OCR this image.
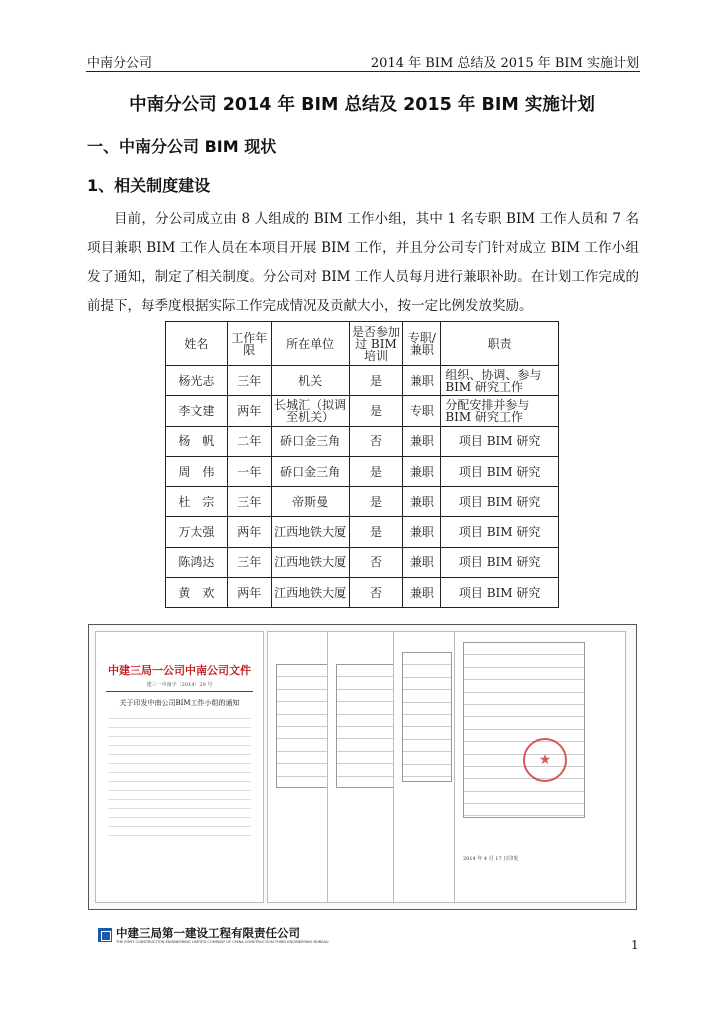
中南分公司	2014 年 BIM 总结及 2015 年 BIM 实施计划
中南分公司 2014 年 BIM 总结及 2015 年 BIM 实施计划
一、中南分公司 BIM 现状
1、相关制度建设
目前，分公司成立由 8 人组成的 BIM 工作小组，其中 1 名专职 BIM 工作人员和 7 名项目兼职 BIM 工作人员在本项目开展 BIM 工作，并且分公司专门针对成立 BIM 工作小组发了通知，制定了相关制度。分公司对 BIM 工作人员每月进行兼职补助。在计划工作完成的前提下，每季度根据实际工作完成情况及贡献大小，按一定比例发放奖励。
姓名	工作年限	所在单位	是否参加过 BIM 培训	专职/兼职	职责
杨光志	三年	机关	是	兼职	组织、协调、参与 BIM 研究工作
李文建	两年	长城汇（拟调至机关）	是	专职	分配安排并参与 BIM 研究工作
杨　帆	二年	硚口金三角	否	兼职	项目 BIM 研究
周　伟	一年	硚口金三角	是	兼职	项目 BIM 研究
杜　宗	三年	帝斯曼	是	兼职	项目 BIM 研究
万太强	两年	江西地铁大厦	是	兼职	项目 BIM 研究
陈鸿达	三年	江西地铁大厦	否	兼职	项目 BIM 研究
黄　欢	两年	江西地铁大厦	否	兼职	项目 BIM 研究
中建三局一公司中南公司文件
建三一中南字〔2014〕29 号
关于印发中南公司BIM工作小组的通知
★
2014 年 4 月 17 日印发
中建三局第一建设工程有限责任公司
THE FIRST CONSTRUCTION ENGINEERING LIMITED COMPANY OF CHINA CONSTRUCTION THIRD ENGINEERING BUREAU	1
